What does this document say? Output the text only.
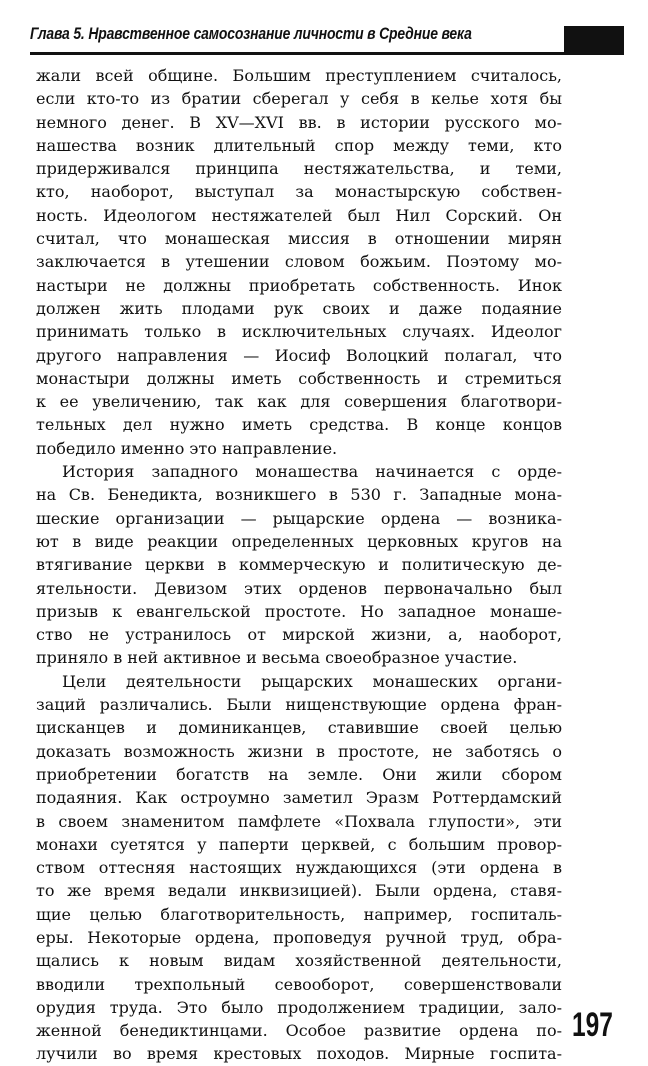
Глава 5. Нравственное самосознание личности в Средние века
жали всей общине. Большим преступлением считалось,
если кто-то из братии сберегал у себя в келье хотя бы
немного денег. В XV—XVI вв. в истории русского мо-
нашества возник длительный спор между теми, кто
придерживался принципа нестяжательства, и теми,
кто, наоборот, выступал за монастырскую собствен-
ность. Идеологом нестяжателей был Нил Сорский. Он
считал, что монашеская миссия в отношении мирян
заключается в утешении словом божьим. Поэтому мо-
настыри не должны приобретать собственность. Инок
должен жить плодами рук своих и даже подаяние
принимать только в исключительных случаях. Идеолог
другого направления — Иосиф Волоцкий полагал, что
монастыри должны иметь собственность и стремиться
к ее увеличению, так как для совершения благотвори-
тельных дел нужно иметь средства. В конце концов
победило именно это направление.
История западного монашества начинается с орде-
на Св. Бенедикта, возникшего в 530 г. Западные мона-
шеские организации — рыцарские ордена — возника-
ют в виде реакции определенных церковных кругов на
втягивание церкви в коммерческую и политическую де-
ятельности. Девизом этих орденов первоначально был
призыв к евангельской простоте. Но западное монаше-
ство не устранилось от мирской жизни, а, наоборот,
приняло в ней активное и весьма своеобразное участие.
Цели деятельности рыцарских монашеских органи-
заций различались. Были нищенствующие ордена фран-
цисканцев и доминиканцев, ставившие своей целью
доказать возможность жизни в простоте, не заботясь о
приобретении богатств на земле. Они жили сбором
подаяния. Как остроумно заметил Эразм Роттердамский
в своем знаменитом памфлете «Похвала глупости», эти
монахи суетятся у паперти церквей, с большим провор-
ством оттесняя настоящих нуждающихся (эти ордена в
то же время ведали инквизицией). Были ордена, ставя-
щие целью благотворительность, например, госпиталь-
еры. Некоторые ордена, проповедуя ручной труд, обра-
щались к новым видам хозяйственной деятельности,
вводили трехпольный севооборот, совершенствовали
орудия труда. Это было продолжением традиции, зало-
женной бенедиктинцами. Особое развитие ордена по-
лучили во время крестовых походов. Мирные госпита-
197
